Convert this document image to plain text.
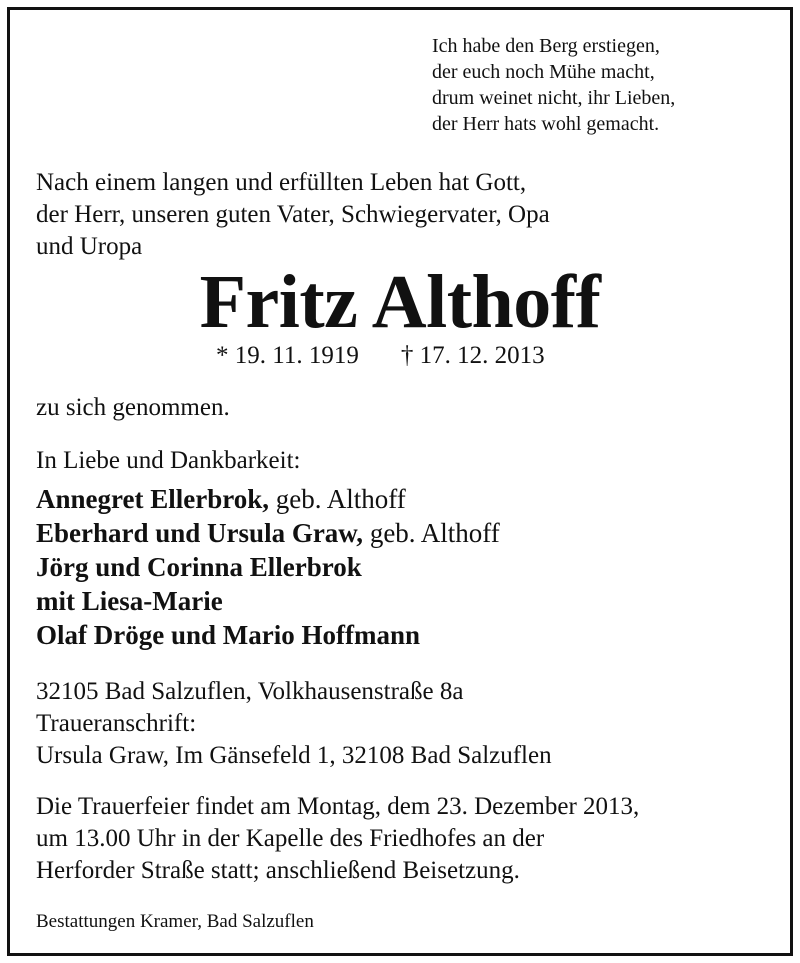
Ich habe den Berg erstiegen,
der euch noch Mühe macht,
drum weinet nicht, ihr Lieben,
der Herr hats wohl gemacht.
Nach einem langen und erfüllten Leben hat Gott,
der Herr, unseren guten Vater, Schwiegervater, Opa
und Uropa
Fritz Althoff
* 19. 11. 1919 † 17. 12. 2013
zu sich genommen.
In Liebe und Dankbarkeit:
Annegret Ellerbrok, geb. Althoff
Eberhard und Ursula Graw, geb. Althoff
Jörg und Corinna Ellerbrok
mit Liesa-Marie
Olaf Dröge und Mario Hoffmann
32105 Bad Salzuflen, Volkhausenstraße 8a
Traueranschrift:
Ursula Graw, Im Gänsefeld 1, 32108 Bad Salzuflen
Die Trauerfeier findet am Montag, dem 23. Dezember 2013,
um 13.00 Uhr in der Kapelle des Friedhofes an der
Herforder Straße statt; anschließend Beisetzung.
Bestattungen Kramer, Bad Salzuflen
